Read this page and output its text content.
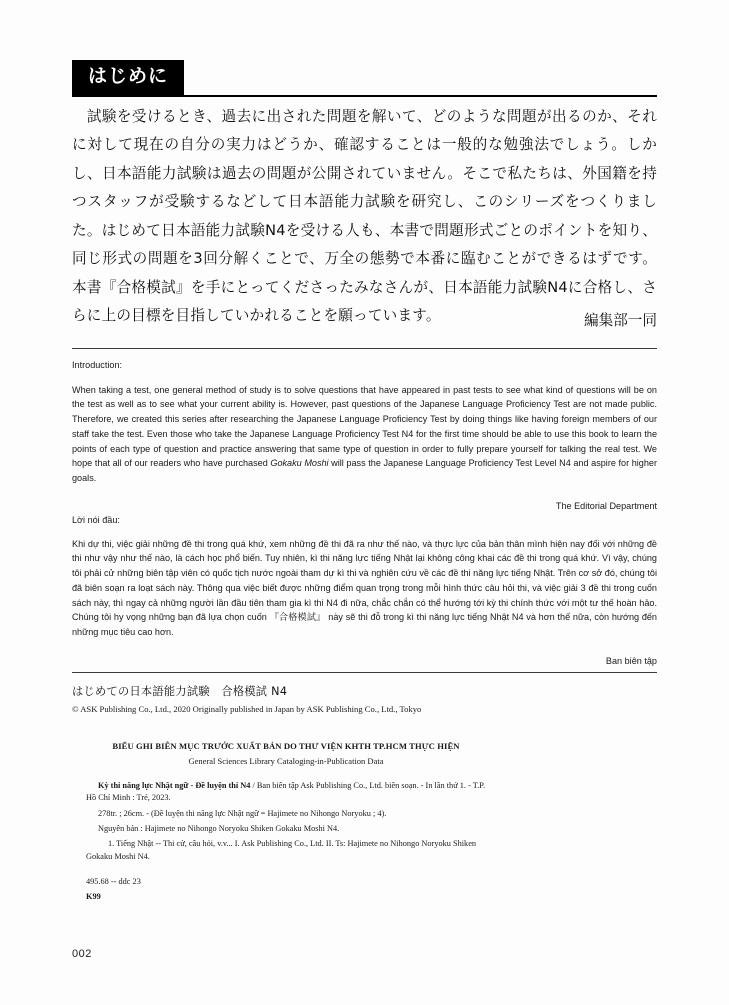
はじめに
試験を受けるとき、過去に出された問題を解いて、どのような問題が出るのか、それに対して現在の自分の実力はどうか、確認することは一般的な勉強法でしょう。しかし、日本語能力試験は過去の問題が公開されていません。そこで私たちは、外国籍を持つスタッフが受験するなどして日本語能力試験を研究し、このシリーズをつくりました。はじめて日本語能力試験N4を受ける人も、本書で問題形式ごとのポイントを知り、同じ形式の問題を3回分解くことで、万全の態勢で本番に臨むことができるはずです。本書『合格模試』を手にとってくださったみなさんが、日本語能力試験N4に合格し、さらに上の目標を目指していかれることを願っています。	編集部一同
Introduction:
When taking a test, one general method of study is to solve questions that have appeared in past tests to see what kind of questions will be on the test as well as to see what your current ability is. However, past questions of the Japanese Language Proficiency Test are not made public. Therefore, we created this series after researching the Japanese Language Proficiency Test by doing things like having foreign members of our staff take the test. Even those who take the Japanese Language Proficiency Test N4 for the first time should be able to use this book to learn the points of each type of question and practice answering that same type of question in order to fully prepare yourself for talking the real test. We hope that all of our readers who have purchased Gokaku Moshi will pass the Japanese Language Proficiency Test Level N4 and aspire for higher goals.
The Editorial Department
Lời nói đầu:
Khi dự thi, việc giải những đề thi trong quá khứ, xem những đề thi đã ra như thế nào, và thực lực của bản thân mình hiện nay đối với những đề thi như vậy như thế nào, là cách học phổ biến. Tuy nhiên, kì thi năng lực tiếng Nhật lại không công khai các đề thi trong quá khứ. Vì vậy, chúng tôi phải cử những biên tập viên có quốc tịch nước ngoài tham dự kì thi và nghiên cứu về các đề thi năng lực tiếng Nhật. Trên cơ sở đó, chúng tôi đã biên soạn ra loạt sách này. Thông qua việc biết được những điểm quan trọng trong mỗi hình thức câu hỏi thi, và việc giải 3 đề thi trong cuốn sách này, thì ngay cả những người lần đầu tiên tham gia kì thi N4 đi nữa, chắc chắn có thể hướng tới kỳ thi chính thức với một tư thế hoàn hảo. Chúng tôi hy vọng những bạn đã lựa chọn cuốn 『合格模試』 này sẽ thi đỗ trong kì thi năng lực tiếng Nhật N4 và hơn thế nữa, còn hướng đến những mục tiêu cao hơn.
Ban biên tập
はじめての日本語能力試験　合格模試 N4
© ASK Publishing Co., Ltd., 2020 Originally published in Japan by ASK Publishing Co., Ltd., Tokyo
BIỂU GHI BIÊN MỤC TRƯỚC XUẤT BẢN DO THƯ VIỆN KHTH TP.HCM THỰC HIỆN
General Sciences Library Cataloging-in-Publication Data
Kỳ thi năng lực Nhật ngữ - Đề luyện thi N4 / Ban biên tập Ask Publishing Co., Ltd. biên soạn. - In lần thứ 1. - T.P. Hồ Chí Minh : Trẻ, 2023.
278tr. ; 26cm. - (Đề luyện thi năng lực Nhật ngữ = Hajimete no Nihongo Noryoku ; 4).
Nguyên bản : Hajimete no Nihongo Noryoku Shiken Gokaku Moshi N4.
1. Tiếng Nhật -- Thi cử, câu hỏi, v.v... I. Ask Publishing Co., Ltd. II. Ts: Hajimete no Nihongo Noryoku Shiken Gokaku Moshi N4.
495.68 -- ddc 23
K99
002
